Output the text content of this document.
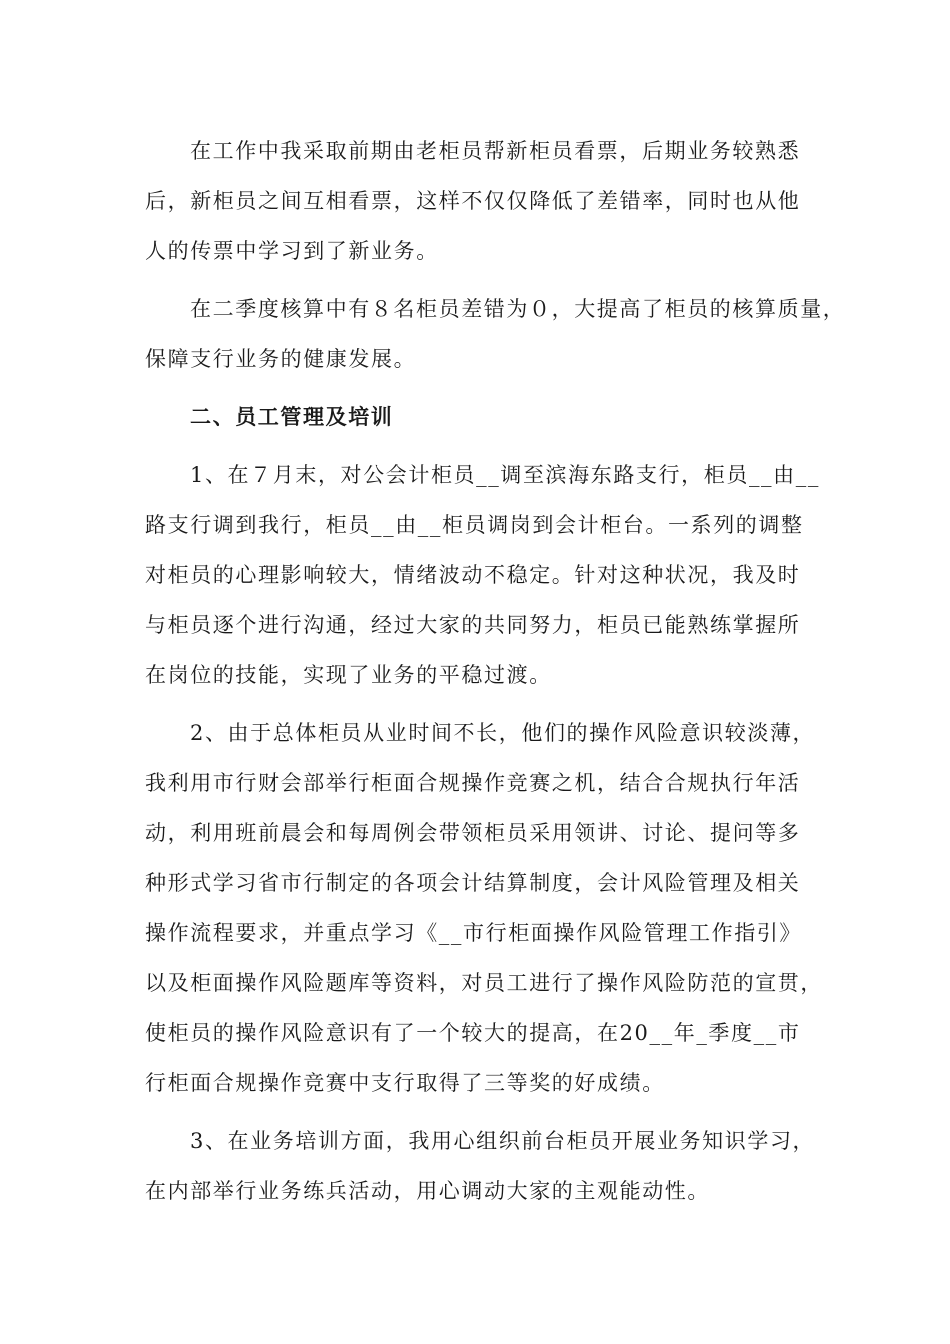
在工作中我采取前期由老柜员帮新柜员看票，后期业务较熟悉
后，新柜员之间互相看票，这样不仅仅降低了差错率，同时也从他
人的传票中学习到了新业务。
在二季度核算中有８名柜员差错为０，大提高了柜员的核算质量，
保障支行业务的健康发展。
二、员工管理及培训
1、在７月末，对公会计柜员__调至滨海东路支行，柜员__由__
路支行调到我行，柜员__由__柜员调岗到会计柜台。一系列的调整
对柜员的心理影响较大，情绪波动不稳定。针对这种状况，我及时
与柜员逐个进行沟通，经过大家的共同努力，柜员已能熟练掌握所
在岗位的技能，实现了业务的平稳过渡。
2、由于总体柜员从业时间不长，他们的操作风险意识较淡薄，
我利用市行财会部举行柜面合规操作竞赛之机，结合合规执行年活
动，利用班前晨会和每周例会带领柜员采用领讲、讨论、提问等多
种形式学习省市行制定的各项会计结算制度，会计风险管理及相关
操作流程要求，并重点学习《__市行柜面操作风险管理工作指引》
以及柜面操作风险题库等资料，对员工进行了操作风险防范的宣贯，
使柜员的操作风险意识有了一个较大的提高，在20__年_季度__市
行柜面合规操作竞赛中支行取得了三等奖的好成绩。
3、在业务培训方面，我用心组织前台柜员开展业务知识学习，
在内部举行业务练兵活动，用心调动大家的主观能动性。
